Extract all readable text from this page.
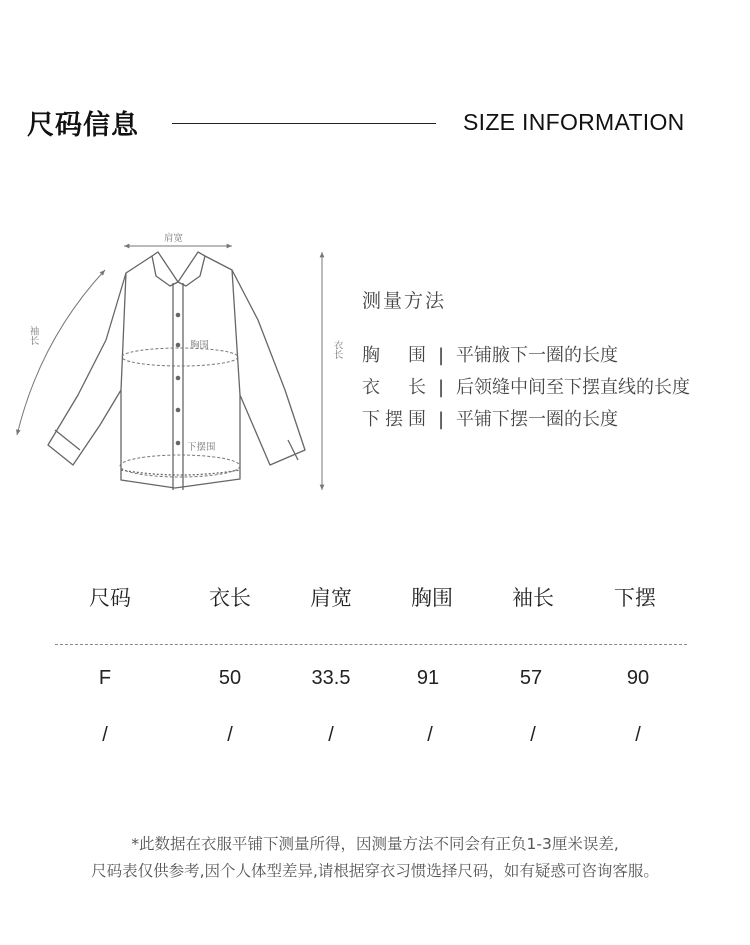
尺码信息	SIZE INFORMATION
肩宽
胸围
下摆围
袖长
衣长
测量方法
胸围 | 平铺腋下一圈的长度
衣长 | 后领缝中间至下摆直线的长度
下摆围 | 平铺下摆一圈的长度
尺码	衣长	肩宽	胸围	袖长	下摆
F	50	33.5	91	57	90
/	/	/	/	/	/
*此数据在衣服平铺下测量所得，因测量方法不同会有正负1-3厘米误差,
尺码表仅供参考,因个人体型差异,请根据穿衣习惯选择尺码，如有疑惑可咨询客服。
